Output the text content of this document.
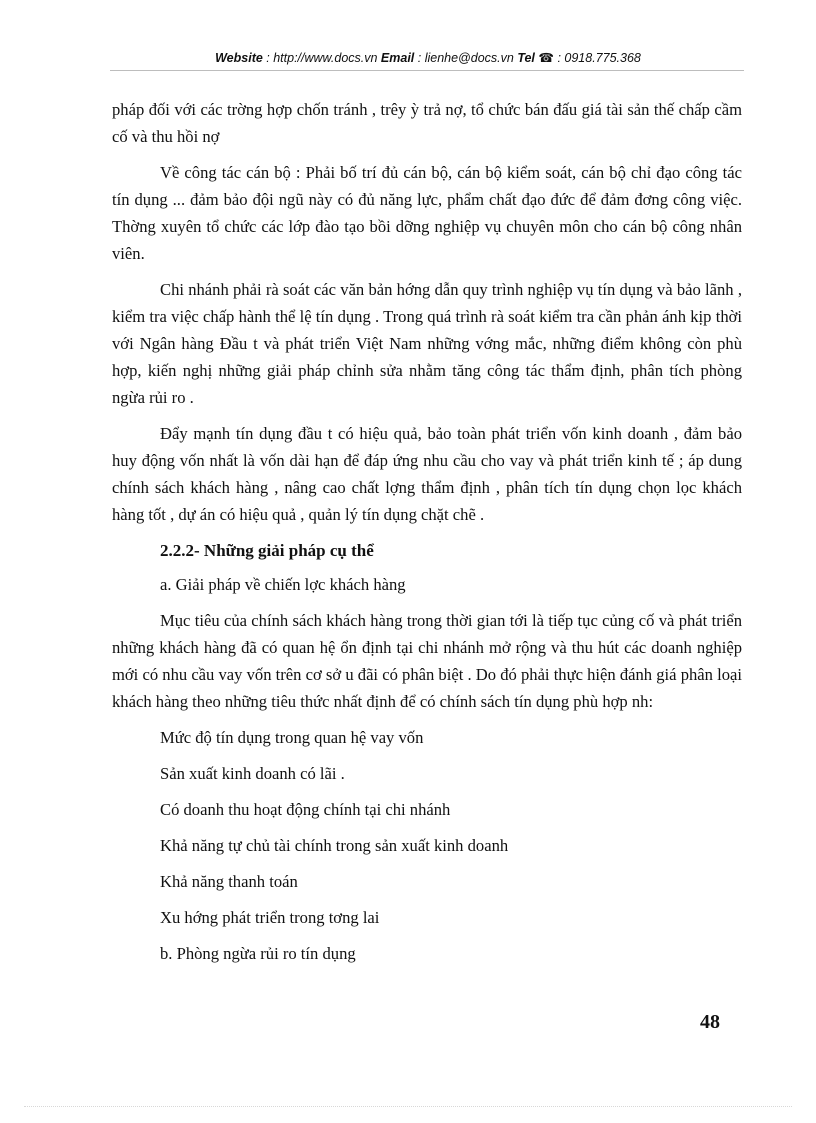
Website : http://www.docs.vn Email : lienhe@docs.vn Tel ☎ : 0918.775.368

pháp đối với các trờng hợp chốn tránh , trêy ỳ trả nợ, tổ chức bán đấu giá tài sản thế chấp cầm cố và thu hồi nợ

Về công tác cán bộ : Phải bố trí đủ cán bộ, cán bộ kiểm soát, cán bộ chỉ đạo công tác tín dụng ... đảm bảo đội ngũ này có đủ năng lực, phẩm chất đạo đức để đảm đơng công việc. Thờng xuyên tổ chức các lớp đào tạo bồi dỡng nghiệp vụ chuyên môn cho cán bộ công nhân viên.

Chi nhánh phải rà soát các văn bản hớng dẫn quy trình nghiệp vụ tín dụng và bảo lãnh , kiểm tra việc chấp hành thể lệ tín dụng . Trong quá trình rà soát kiểm tra cần phản ánh kịp thời với Ngân hàng Đầu t và phát triển Việt Nam những vớng mắc, những điểm không còn phù hợp, kiến nghị những giải pháp chỉnh sửa nhằm tăng công tác thẩm định, phân tích phòng ngừa rủi ro .

Đẩy mạnh tín dụng đầu t có hiệu quả, bảo toàn phát triển vốn kinh doanh , đảm bảo huy động vốn nhất là vốn dài hạn để đáp ứng nhu cầu cho vay và phát triển kinh tế ; áp dung chính sách khách hàng , nâng cao chất lợng thẩm định , phân tích tín dụng chọn lọc khách hàng tốt , dự án có hiệu quả , quản lý tín dụng chặt chẽ .

2.2.2- Những giải pháp cụ thể
a. Giải pháp về chiến lợc khách hàng

Mục tiêu của chính sách khách hàng trong thời gian tới là tiếp tục củng cố và phát triển những khách hàng đã có quan hệ ổn định tại chi nhánh mở rộng và thu hút các doanh nghiệp mới có nhu cầu vay vốn trên cơ sở u đãi có phân biệt . Do đó phải thực hiện đánh giá phân loại khách hàng theo những tiêu thức nhất định để có chính sách tín dụng phù hợp nh:

Mức độ tín dụng trong quan hệ vay vốn
Sản xuất kinh doanh có lãi .
Có doanh thu hoạt động chính tại chi nhánh
Khả năng tự chủ tài chính trong sản xuất kinh doanh
Khả năng thanh toán
Xu hớng phát triển trong tơng lai
b. Phòng ngừa rủi ro tín dụng
48
